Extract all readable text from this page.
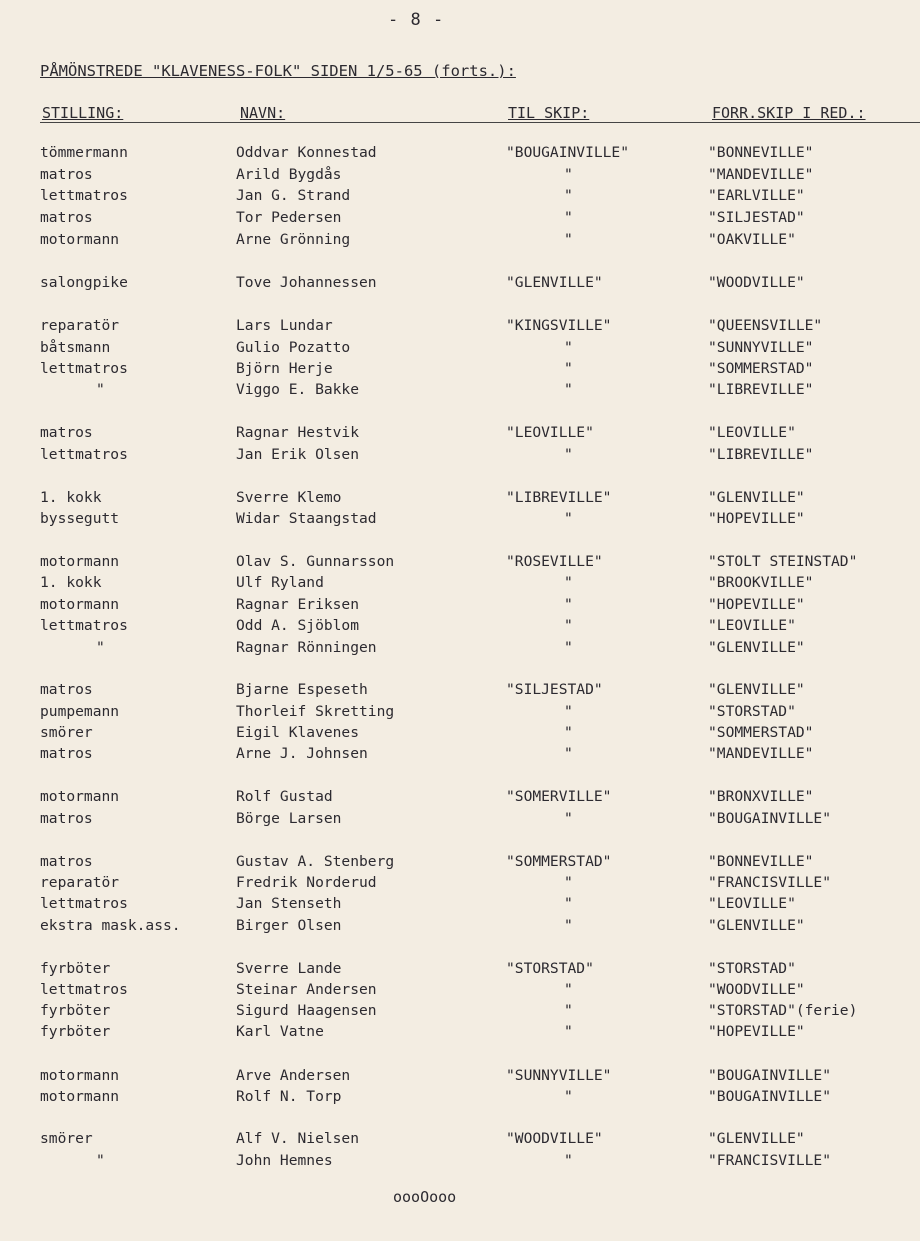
- 8 -
PÅMÖNSTREDE "KLAVENESS-FOLK" SIDEN 1/5-65 (forts.):
STILLING:	NAVN:	TIL SKIP:	FORR.SKIP I RED.:
tömmermann	Oddvar Konnestad	"BOUGAINVILLE"	"BONNEVILLE"
matros	Arild Bygdås	"	"MANDEVILLE"
lettmatros	Jan G. Strand	"	"EARLVILLE"
matros	Tor Pedersen	"	"SILJESTAD"
motormann	Arne Grönning	"	"OAKVILLE"
salongpike	Tove Johannessen	"GLENVILLE"	"WOODVILLE"
reparatör	Lars Lundar	"KINGSVILLE"	"QUEENSVILLE"
båtsmann	Gulio Pozatto	"	"SUNNYVILLE"
lettmatros	Björn Herje	"	"SOMMERSTAD"
"	Viggo E. Bakke	"	"LIBREVILLE"
matros	Ragnar Hestvik	"LEOVILLE"	"LEOVILLE"
lettmatros	Jan Erik Olsen	"	"LIBREVILLE"
1. kokk	Sverre Klemo	"LIBREVILLE"	"GLENVILLE"
byssegutt	Widar Staangstad	"	"HOPEVILLE"
motormann	Olav S. Gunnarsson	"ROSEVILLE"	"STOLT STEINSTAD"
1. kokk	Ulf Ryland	"	"BROOKVILLE"
motormann	Ragnar Eriksen	"	"HOPEVILLE"
lettmatros	Odd A. Sjöblom	"	"LEOVILLE"
"	Ragnar Rönningen	"	"GLENVILLE"
matros	Bjarne Espeseth	"SILJESTAD"	"GLENVILLE"
pumpemann	Thorleif Skretting	"	"STORSTAD"
smörer	Eigil Klavenes	"	"SOMMERSTAD"
matros	Arne J. Johnsen	"	"MANDEVILLE"
motormann	Rolf Gustad	"SOMERVILLE"	"BRONXVILLE"
matros	Börge Larsen	"	"BOUGAINVILLE"
matros	Gustav A. Stenberg	"SOMMERSTAD"	"BONNEVILLE"
reparatör	Fredrik Norderud	"	"FRANCISVILLE"
lettmatros	Jan Stenseth	"	"LEOVILLE"
ekstra mask.ass.	Birger Olsen	"	"GLENVILLE"
fyrböter	Sverre Lande	"STORSTAD"	"STORSTAD"
lettmatros	Steinar Andersen	"	"WOODVILLE"
fyrböter	Sigurd Haagensen	"	"STORSTAD"(ferie)
fyrböter	Karl Vatne	"	"HOPEVILLE"
motormann	Arve Andersen	"SUNNYVILLE"	"BOUGAINVILLE"
motormann	Rolf N. Torp	"	"BOUGAINVILLE"
smörer	Alf V. Nielsen	"WOODVILLE"	"GLENVILLE"
"	John Hemnes	"	"FRANCISVILLE"
oooOooo
